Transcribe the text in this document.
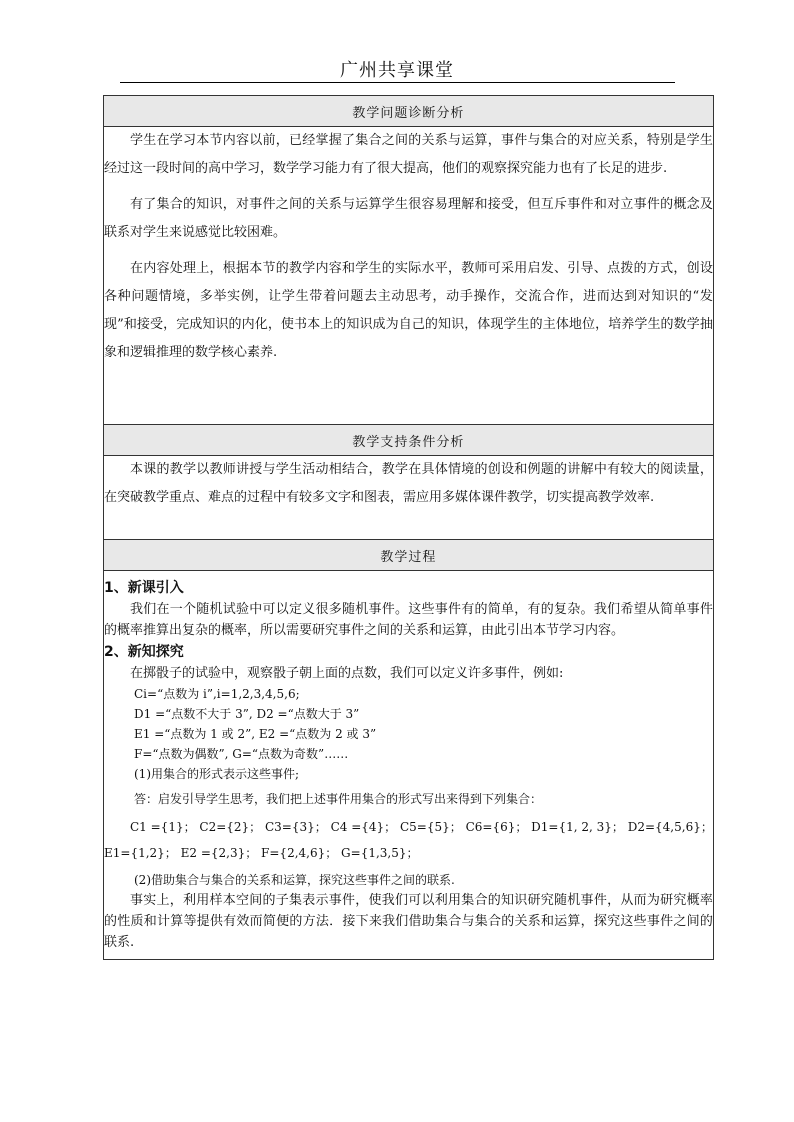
广州共享课堂
教学问题诊断分析

学生在学习本节内容以前，已经掌握了集合之间的关系与运算，事件与集合的对应关系，特别是学生经过这一段时间的高中学习，数学学习能力有了很大提高，他们的观察探究能力也有了长足的进步.

有了集合的知识，对事件之间的关系与运算学生很容易理解和接受，但互斥事件和对立事件的概念及联系对学生来说感觉比较困难。

在内容处理上，根据本节的教学内容和学生的实际水平，教师可采用启发、引导、点拨的方式，创设各种问题情境，多举实例，让学生带着问题去主动思考，动手操作，交流合作，进而达到对知识的“发现”和接受，完成知识的内化，使书本上的知识成为自己的知识，体现学生的主体地位，培养学生的数学抽象和逻辑推理的数学核心素养.

教学支持条件分析

本课的教学以教师讲授与学生活动相结合，教学在具体情境的创设和例题的讲解中有较大的阅读量，在突破教学重点、难点的过程中有较多文字和图表，需应用多媒体课件教学，切实提高教学效率.

教学过程

1、新课引入

我们在一个随机试验中可以定义很多随机事件。这些事件有的简单，有的复杂。我们希望从简单事件的概率推算出复杂的概率，所以需要研究事件之间的关系和运算，由此引出本节学习内容。

2、新知探究

在掷骰子的试验中，观察骰子朝上面的点数，我们可以定义许多事件，例如:

Ci=“点数为 i”,i=1,2,3,4,5,6;

D1 =“点数不大于 3”, D2 =“点数大于 3”

E1 =“点数为 1 或 2”, E2 =“点数为 2 或 3”

F=“点数为偶数”, G=“点数为奇数”……

(1)用集合的形式表示这些事件;

答：启发引导学生思考，我们把上述事件用集合的形式写出来得到下列集合：

C1 ={1}； C2={2}； C3={3}； C4 ={4}； C5={5}； C6={6}； D1={1, 2, 3}； D2={4,5,6}；

E1={1,2}； E2 ={2,3}； F={2,4,6}； G={1,3,5}；

(2)借助集合与集合的关系和运算，探究这些事件之间的联系.

事实上，利用样本空间的子集表示事件，使我们可以利用集合的知识研究随机事件，从而为研究概率的性质和计算等提供有效而简便的方法．接下来我们借助集合与集合的关系和运算，探究这些事件之间的联系.
